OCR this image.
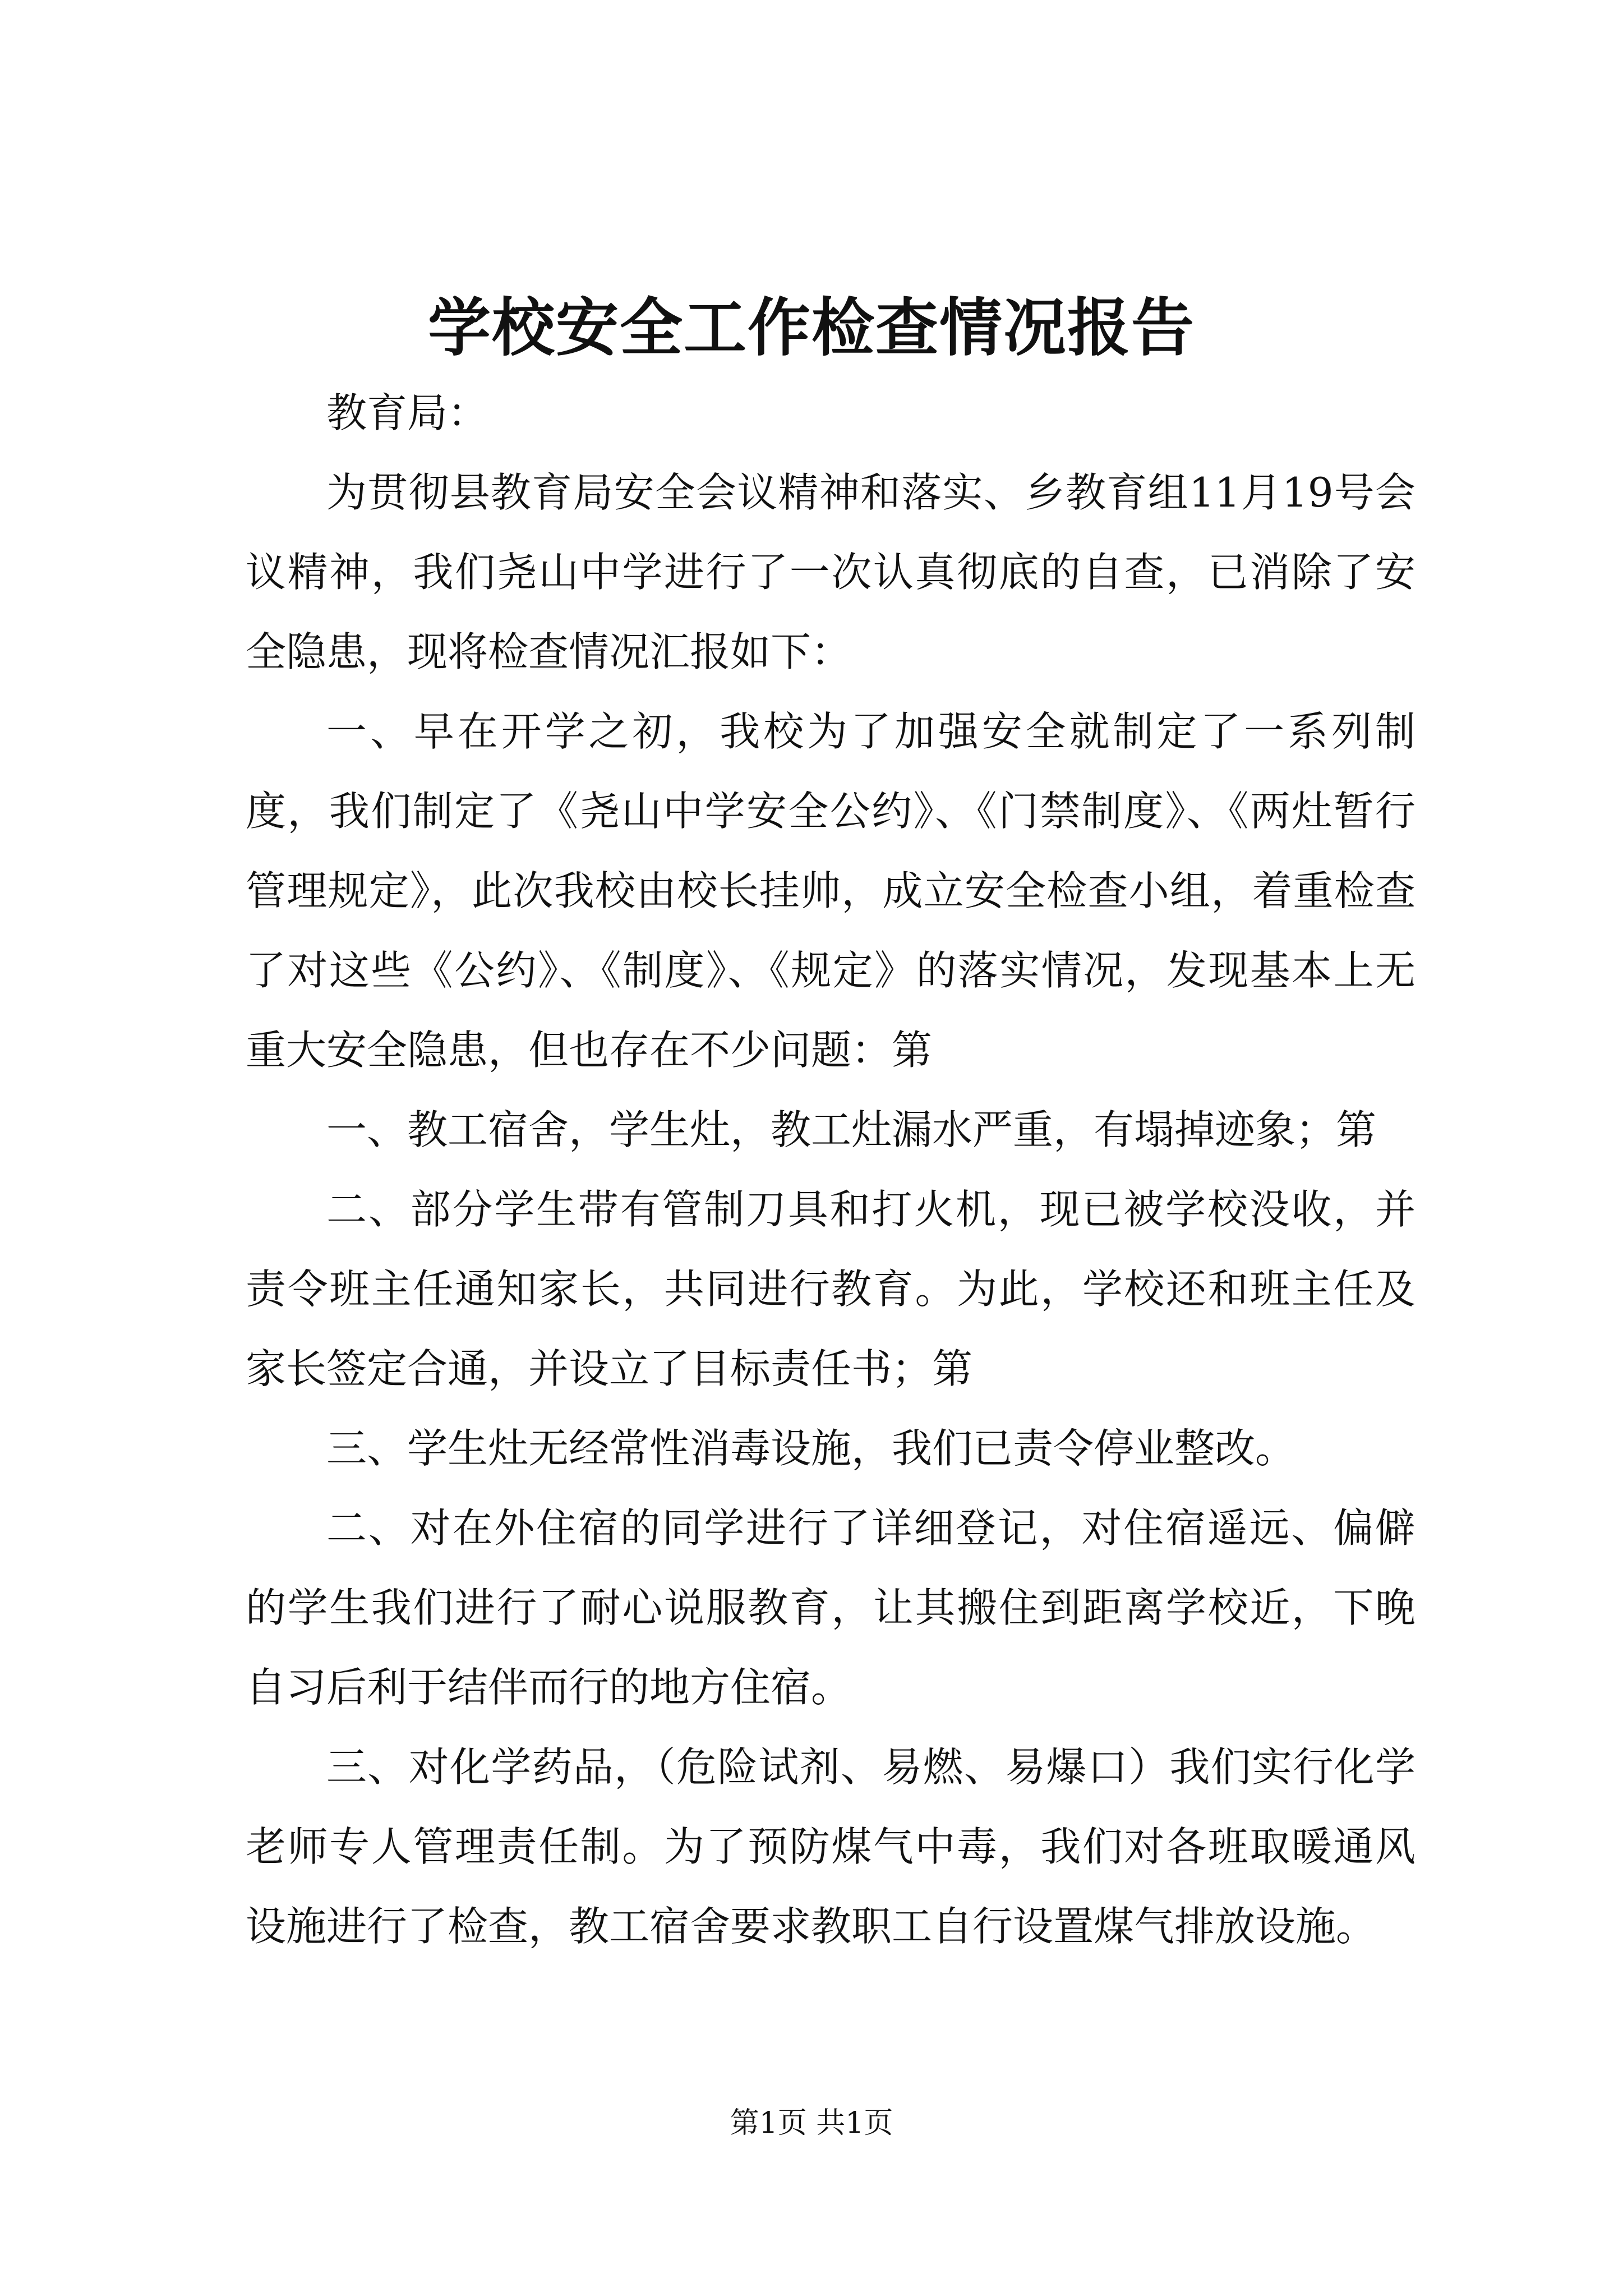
学校安全工作检查情况报告

教育局：

为贯彻县教育局安全会议精神和落实、乡教育组11月19号会议精神，我们尧山中学进行了一次认真彻底的自查，已消除了安全隐患，现将检查情况汇报如下：

一、早在开学之初，我校为了加强安全就制定了一系列制度，我们制定了《尧山中学安全公约》、《门禁制度》、《两灶暂行管理规定》，此次我校由校长挂帅，成立安全检查小组，着重检查了对这些《公约》、《制度》、《规定》的落实情况，发现基本上无重大安全隐患，但也存在不少问题：第

一、教工宿舍，学生灶，教工灶漏水严重，有塌掉迹象；第

二、部分学生带有管制刀具和打火机，现已被学校没收，并责令班主任通知家长，共同进行教育。为此，学校还和班主任及家长签定合通，并设立了目标责任书；第

三、学生灶无经常性消毒设施，我们已责令停业整改。

二、对在外住宿的同学进行了详细登记，对住宿遥远、偏僻的学生我们进行了耐心说服教育，让其搬住到距离学校近，下晚自习后利于结伴而行的地方住宿。

三、对化学药品，（危险试剂、易燃、易爆口）我们实行化学老师专人管理责任制。为了预防煤气中毒，我们对各班取暖通风设施进行了检查，教工宿舍要求教职工自行设置煤气排放设施。

第1页 共1页
